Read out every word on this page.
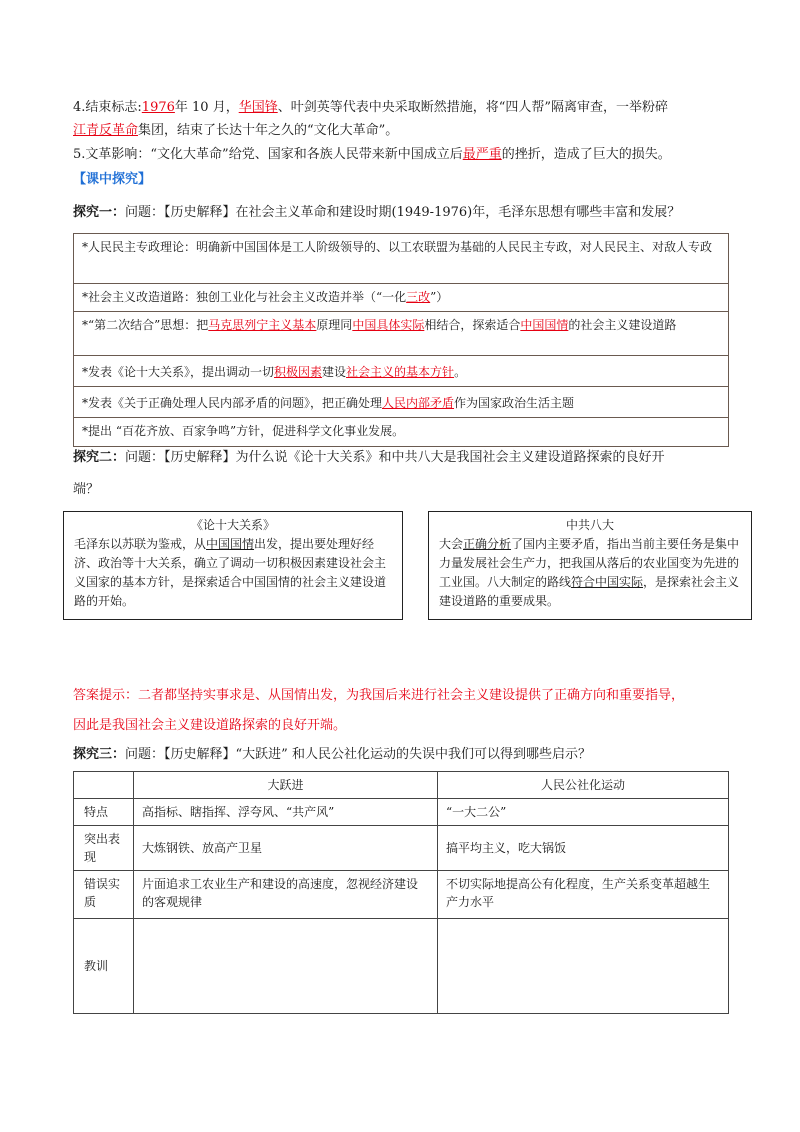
4.结束标志:1976年 10 月，华国锋、叶剑英等代表中央采取断然措施，将“四人帮”隔离审查，一举粉碎
江青反革命集团，结束了长达十年之久的“文化大革命”。
5.文革影响：“文化大革命”给党、国家和各族人民带来新中国成立后最严重的挫折，造成了巨大的损失。
【课中探究】
探究一：问题：【历史解释】在社会主义革命和建设时期(1949-1976)年，毛泽东思想有哪些丰富和发展？
*人民民主专政理论：明确新中国国体是工人阶级领导的、以工农联盟为基础的人民民主专政，对人民民主、对敌人专政
*社会主义改造道路：独创工业化与社会主义改造并举（“一化三改”）
*“第二次结合”思想：把马克思列宁主义基本原理同中国具体实际相结合，探索适合中国国情的社会主义建设道路
*发表《论十大关系》，提出调动一切积极因素建设社会主义的基本方针。
*发表《关于正确处理人民内部矛盾的问题》，把正确处理人民内部矛盾作为国家政治生活主题
*提出 “百花齐放、百家争鸣”方针，促进科学文化事业发展。
探究二：问题：【历史解释】为什么说《论十大关系》和中共八大是我国社会主义建设道路探索的良好开
端？
《论十大关系》
毛泽东以苏联为鉴戒，从中国国情出发，提出要处理好经济、政治等十大关系，确立了调动一切积极因素建设社会主义国家的基本方针，是探索适合中国国情的社会主义建设道路的开始。
中共八大
大会正确分析了国内主要矛盾，指出当前主要任务是集中力量发展社会生产力，把我国从落后的农业国变为先进的工业国。八大制定的路线符合中国实际，是探索社会主义建设道路的重要成果。
答案提示：二者都坚持实事求是、从国情出发，为我国后来进行社会主义建设提供了正确方向和重要指导，
因此是我国社会主义建设道路探索的良好开端。
探究三：问题：【历史解释】“大跃进” 和人民公社化运动的失误中我们可以得到哪些启示？
	大跃进	人民公社化运动
特点	高指标、瞎指挥、浮夸风、“共产风”	“一大二公”
突出表现	大炼钢铁、放高产卫星	搞平均主义，吃大锅饭
错误实质	片面追求工农业生产和建设的高速度，忽视经济建设的客观规律	不切实际地提高公有化程度，生产关系变革超越生产力水平
教训		
